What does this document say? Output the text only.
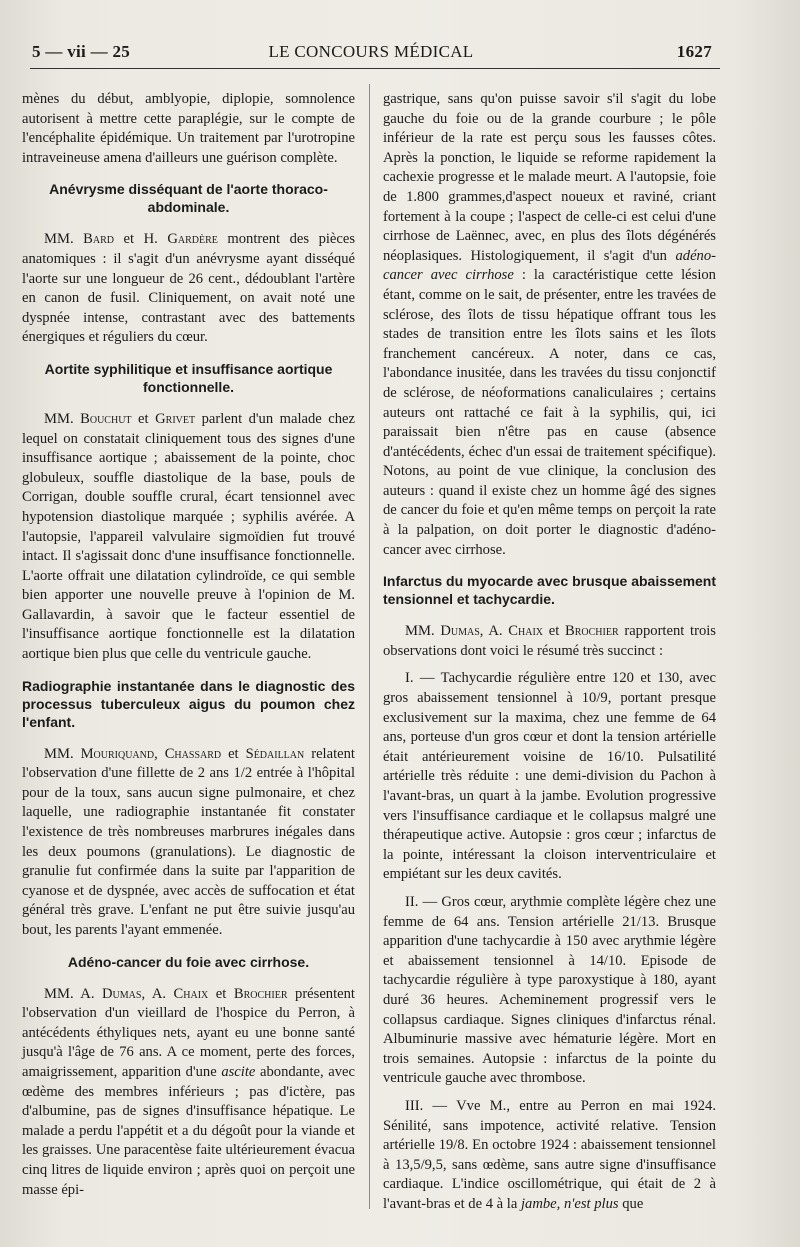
5 — vii — 25	LE CONCOURS MÉDICAL	1627

mènes du début, amblyopie, diplopie, somnolence autorisent à mettre cette paraplégie, sur le compte de l'encéphalite épidémique. Un traitement par l'urotropine intraveineuse amena d'ailleurs une guérison complète.

Anévrysme disséquant de l'aorte thoraco-abdominale.

MM. Bard et H. Gardère montrent des pièces anatomiques : il s'agit d'un anévrysme ayant disséqué l'aorte sur une longueur de 26 cent., dédoublant l'artère en canon de fusil. Cliniquement, on avait noté une dyspnée intense, contrastant avec des battements énergiques et réguliers du cœur.

Aortite syphilitique et insuffisance aortique fonctionnelle.

MM. Bouchut et Grivet parlent d'un malade chez lequel on constatait cliniquement tous des signes d'une insuffisance aortique ; abaissement de la pointe, choc globuleux, souffle diastolique de la base, pouls de Corrigan, double souffle crural, écart tensionnel avec hypotension diastolique marquée ; syphilis avérée. A l'autopsie, l'appareil valvulaire sigmoïdien fut trouvé intact. Il s'agissait donc d'une insuffisance fonctionnelle. L'aorte offrait une dilatation cylindroïde, ce qui semble bien apporter une nouvelle preuve à l'opinion de M. Gallavardin, à savoir que le facteur essentiel de l'insuffisance aortique fonctionnelle est la dilatation aortique bien plus que celle du ventricule gauche.

Radiographie instantanée dans le diagnostic des processus tuberculeux aigus du poumon chez l'enfant.

MM. Mouriquand, Chassard et Sédaillan relatent l'observation d'une fillette de 2 ans 1/2 entrée à l'hôpital pour de la toux, sans aucun signe pulmonaire, et chez laquelle, une radiographie instantanée fit constater l'existence de très nombreuses marbrures inégales dans les deux poumons (granulations). Le diagnostic de granulie fut confirmée dans la suite par l'apparition de cyanose et de dyspnée, avec accès de suffocation et état général très grave. L'enfant ne put être suivie jusqu'au bout, les parents l'ayant emmenée.

Adéno-cancer du foie avec cirrhose.

MM. A. Dumas, A. Chaix et Brochier présentent l'observation d'un vieillard de l'hospice du Perron, à antécédents éthyliques nets, ayant eu une bonne santé jusqu'à l'âge de 76 ans. A ce moment, perte des forces, amaigrissement, apparition d'une ascite abondante, avec œdème des membres inférieurs ; pas d'ictère, pas d'albumine, pas de signes d'insuffisance hépatique. Le malade a perdu l'appétit et a du dégoût pour la viande et les graisses. Une paracentèse faite ultérieurement évacua cinq litres de liquide environ ; après quoi on perçoit une masse épi-

gastrique, sans qu'on puisse savoir s'il s'agit du lobe gauche du foie ou de la grande courbure ; le pôle inférieur de la rate est perçu sous les fausses côtes. Après la ponction, le liquide se reforme rapidement la cachexie progresse et le malade meurt. A l'autopsie, foie de 1.800 grammes,d'aspect noueux et raviné, criant fortement à la coupe ; l'aspect de celle-ci est celui d'une cirrhose de Laënnec, avec, en plus des îlots dégénérés néoplasiques. Histologiquement, il s'agit d'un adéno-cancer avec cirrhose : la caractéristique cette lésion étant, comme on le sait, de présenter, entre les travées de sclérose, des îlots de tissu hépatique offrant tous les stades de transition entre les îlots sains et les îlots franchement cancéreux. A noter, dans ce cas, l'abondance inusitée, dans les travées du tissu conjonctif de sclérose, de néoformations canaliculaires ; certains auteurs ont rattaché ce fait à la syphilis, qui, ici paraissait bien n'être pas en cause (absence d'antécédents, échec d'un essai de traitement spécifique). Notons, au point de vue clinique, la conclusion des auteurs : quand il existe chez un homme âgé des signes de cancer du foie et qu'en même temps on perçoit la rate à la palpation, on doit porter le diagnostic d'adéno-cancer avec cirrhose.

Infarctus du myocarde avec brusque abaissement tensionnel et tachycardie.

MM. Dumas, A. Chaix et Brochier rapportent trois observations dont voici le résumé très succinct :

I. — Tachycardie régulière entre 120 et 130, avec gros abaissement tensionnel à 10/9, portant presque exclusivement sur la maxima, chez une femme de 64 ans, porteuse d'un gros cœur et dont la tension artérielle était antérieurement voisine de 16/10. Pulsatilité artérielle très réduite : une demi-division du Pachon à l'avant-bras, un quart à la jambe. Evolution progressive vers l'insuffisance cardiaque et le collapsus malgré une thérapeutique active. Autopsie : gros cœur ; infarctus de la pointe, intéressant la cloison interventriculaire et empiétant sur les deux cavités.

II. — Gros cœur, arythmie complète légère chez une femme de 64 ans. Tension artérielle 21/13. Brusque apparition d'une tachycardie à 150 avec arythmie légère et abaissement tensionnel à 14/10. Episode de tachycardie régulière à type paroxystique à 180, ayant duré 36 heures. Acheminement progressif vers le collapsus cardiaque. Signes cliniques d'infarctus rénal. Albuminurie massive avec hématurie légère. Mort en trois semaines. Autopsie : infarctus de la pointe du ventricule gauche avec thrombose.

III. — Vve M., entre au Perron en mai 1924. Sénilité, sans impotence, activité relative. Tension artérielle 19/8. En octobre 1924 : abaissement tensionnel à 13,5/9,5, sans œdème, sans autre signe d'insuffisance cardiaque. L'indice oscillométrique, qui était de 2 à l'avant-bras et de 4 à la jambe, n'est plus que
